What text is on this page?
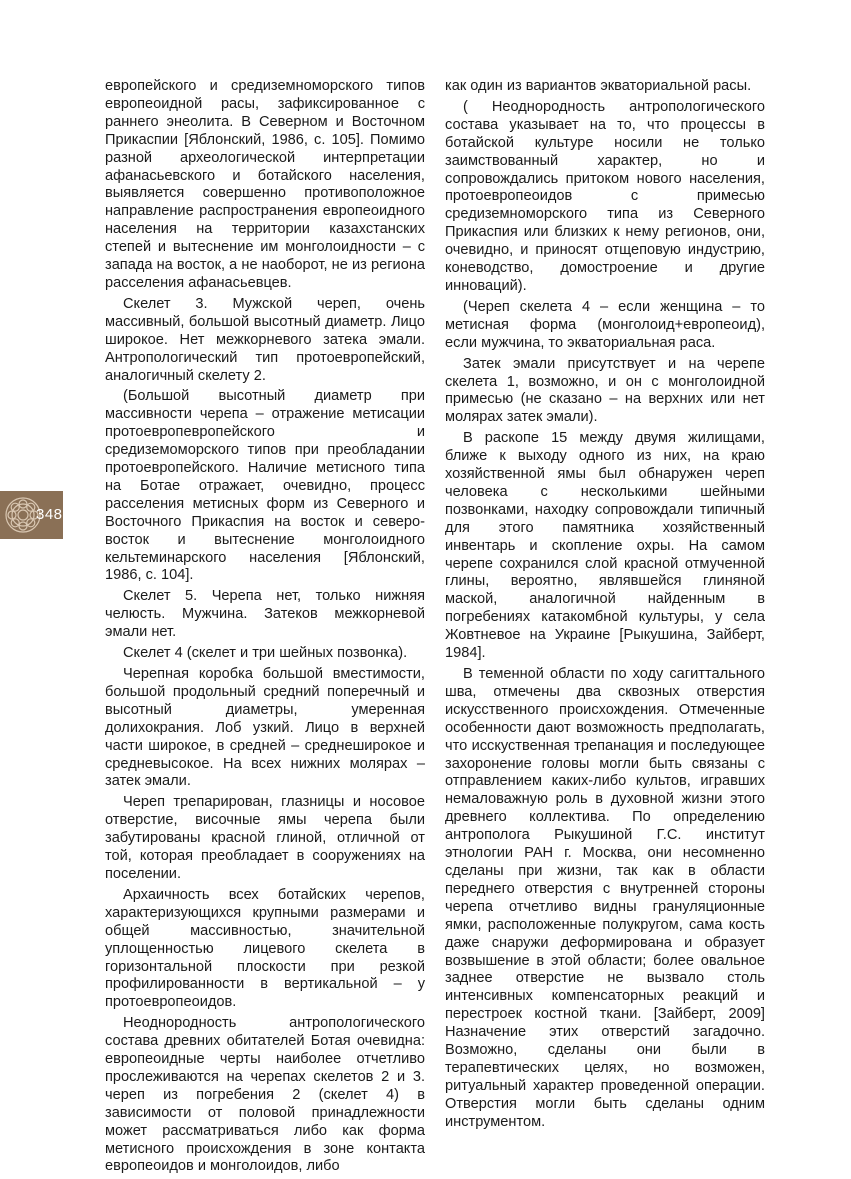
европейского и средиземноморского типов европеоидной расы, зафиксированное с раннего энеолита. В Северном и Восточном Прикаспии [Яблонский, 1986, с. 105]. Помимо разной археологической интерпретации афанасьевского и ботайского населения, выявляется совершенно противоположное направление распространения европеоидного населения на территории казахстанских степей и вытеснение им монголоидности – с запада на восток, а не наоборот, не из региона расселения афанасьевцев.

Скелет 3. Мужской череп, очень массивный, большой высотный диаметр. Лицо широкое. Нет межкорневого затека эмали. Антропологический тип протоевропейский, аналогичный скелету 2.

(Большой высотный диаметр при массивности черепа – отражение метисации протоевропевропейского и средиземоморского типов при преобладании протоевропейского. Наличие метисного типа на Ботае отражает, очевидно, процесс расселения метисных форм из Северного и Восточного Прикаспия на восток и северо-восток и вытеснение монголоидного кельтеминарского населения [Яблонский, 1986, с. 104].

Скелет 5. Черепа нет, только нижняя челюсть. Мужчина. Затеков межкорневой эмали нет.

Скелет 4 (скелет и три шейных позвонка).

Черепная коробка большой вместимости, большой продольный средний поперечный и высотный диаметры, умеренная долихокрания. Лоб узкий. Лицо в верхней части широкое, в средней – среднеширокое и средневысокое. На всех нижних молярах – затек эмали.

Череп трепарирован, глазницы и носовое отверстие, височные ямы черепа были забутированы красной глиной, отличной от той, которая преобладает в сооружениях на поселении.

Архаичность всех ботайских черепов, характеризующихся крупными размерами и общей массивностью, значительной уплощенностью лицевого скелета в горизонтальной плоскости при резкой профилированности в вертикальной – у протоевропеоидов.

Неоднородность антропологического состава древних обитателей Ботая очевидна: европеоидные черты наиболее отчетливо прослеживаются на черепах скелетов 2 и 3. череп из погребения 2 (скелет 4) в зависимости от половой принадлежности может рассматриваться либо как форма метисного происхождения в зоне контакта европеоидов и монголоидов, либо

как один из вариантов экваториальной расы.

( Неоднородность антропологического состава указывает на то, что процессы в ботайской культуре носили не только заимствованный характер, но и сопровождались притоком нового населения, протоевропеоидов с примесью средиземноморского типа из Северного Прикаспия или близких к нему регионов, они, очевидно, и приносят отщеповую индустрию, коневодство, домостроение и другие инноваций).

(Череп скелета 4 – если женщина – то метисная форма (монголоид+европеоид), если мужчина, то экваториальная раса.

Затек эмали присутствует и на черепе скелета 1, возможно, и он с монголоидной примесью (не сказано – на верхних или нет молярах затек эмали).

В раскопе 15 между двумя жилищами, ближе к выходу одного из них, на краю хозяйственной ямы был обнаружен череп человека с несколькими шейными позвонками, находку сопровождали типичный для этого памятника хозяйственный инвентарь и скопление охры. На самом черепе сохранился слой красной отмученной глины, вероятно, являвшейся глиняной маской, аналогичной найденным в погребениях катакомбной культуры, у села Жовтневое на Украине [Рыкушина, Зайберт, 1984].

В теменной области по ходу сагиттального шва, отмечены два сквозных отверстия искусственного происхождения. Отмеченные особенности дают возможность предполагать, что исскуственная трепанация и последующее захоронение головы могли быть связаны с отправлением каких-либо культов, игравших немаловажную роль в духовной жизни этого древнего коллектива. По определению антрополога Рыкушиной Г.С. институт этнологии РАН г. Москва, они несомненно сделаны при жизни, так как в области переднего отверстия с внутренней стороны черепа отчетливо видны грануляционные ямки, расположенные полукругом, сама кость даже снаружи деформирована и образует возвышение в этой области; более овальное заднее отверстие не вызвало столь интенсивных компенсаторных реакций и перестроек костной ткани. [Зайберт, 2009] Назначение этих отверстий загадочно. Возможно, сделаны они были в терапевтических целях, но возможен, ритуальный характер проведенной операции. Отверстия могли быть сделаны одним инструментом.

348
